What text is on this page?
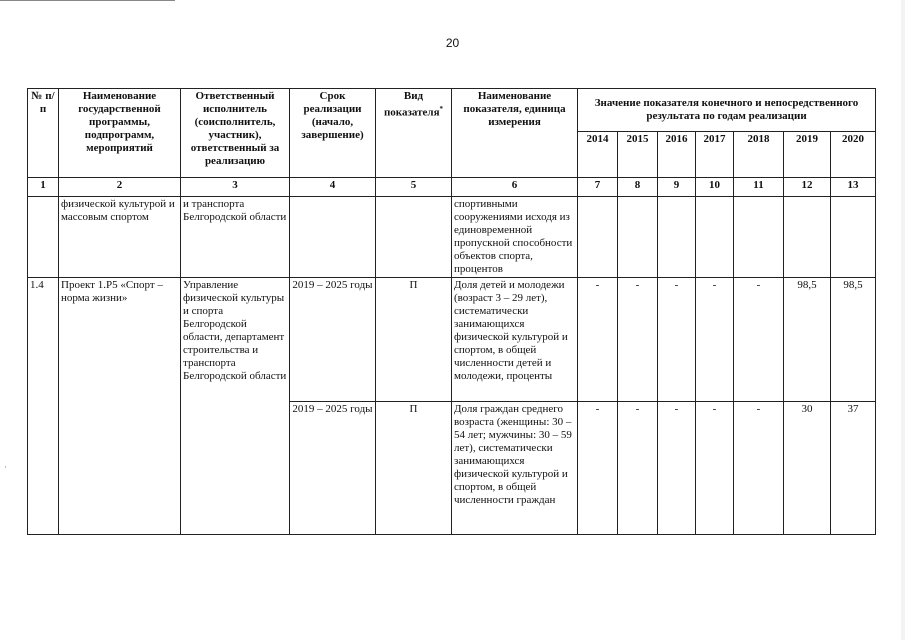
20
·
№ п/п	Наименование государственной программы, подпрограмм, мероприятий	Ответственный исполнитель (соисполнитель, участник), ответственный за реализацию	Срок реализации (начало, завершение)	Вид показателя*	Наименование показателя, единица измерения	Значение показателя конечного и непосредственного результата по годам реализации						
						2014	2015	2016	2017	2018	2019	2020
1	2	3	4	5	6	7	8	9	10	11	12	13
	физической культурой и массовым спортом	и транспорта Белгородской области			спортивными сооружениями исходя из единовременной пропускной способности объектов спорта, процентов							
1.4	Проект 1.Р5 «Спорт – норма жизни»	Управление физической культуры и спорта Белгородской области, департамент строительства и транспорта Белгородской области	2019 – 2025 годы	П	Доля детей и молодежи (возраст 3 – 29 лет), систематически занимающихся физической культурой и спортом, в общей численности детей и молодежи, проценты	-	-	-	-	-	98,5	98,5
			2019 – 2025 годы	П	Доля граждан среднего возраста (женщины: 30 – 54 лет; мужчины: 30 – 59 лет), систематически занимающихся физической культурой и спортом, в общей численности граждан	-	-	-	-	-	30	37
